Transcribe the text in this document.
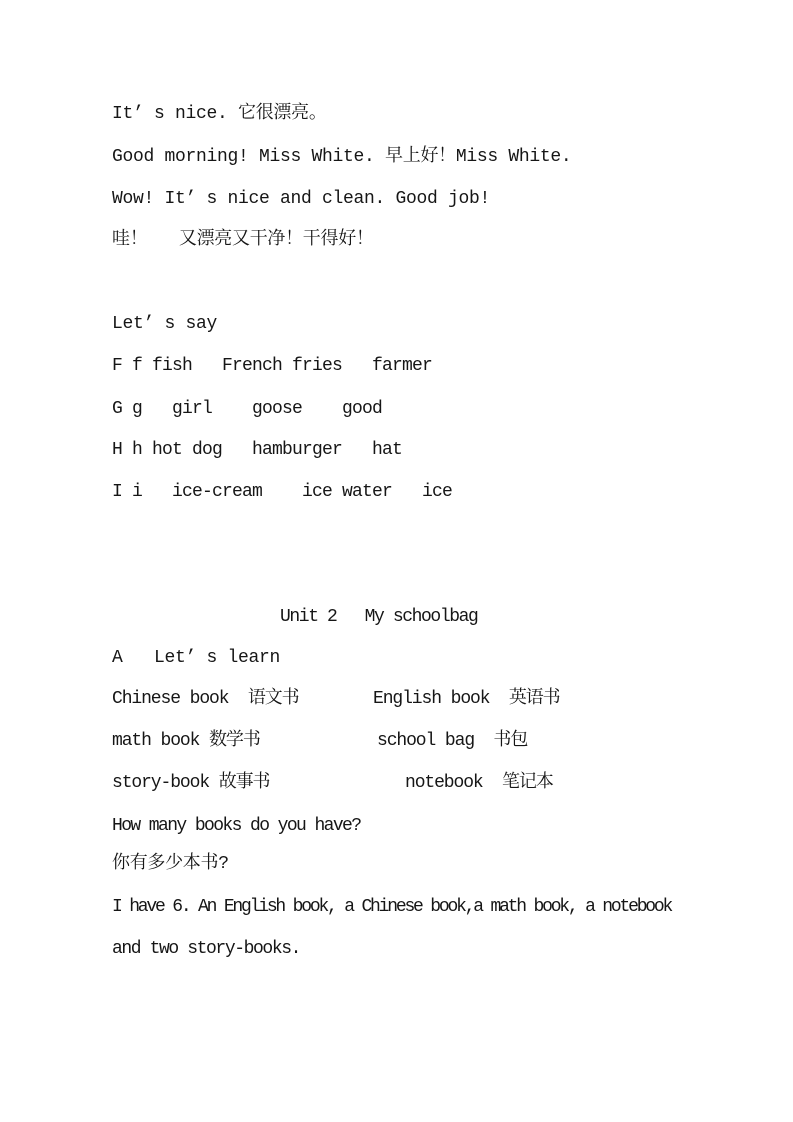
It’ s nice. 它很漂亮。
Good morning! Miss White. 早上好！Miss White.
Wow! It’ s nice and clean. Good job!
哇！   又漂亮又干净！干得好！
Let’ s say
F f fish   French fries   farmer
G g   girl    goose    good
H h hot dog   hamburger   hat
I i   ice-cream    ice water   ice
Unit 2   My schoolbag
A   Let’ s learn
Chinese book  语文书	English book  英语书
math book 数学书	school bag  书包
story-book 故事书	notebook  笔记本
How many books do you have?
你有多少本书?
I have 6. An English book, a Chinese book,a math book, a notebook
and two story-books.
